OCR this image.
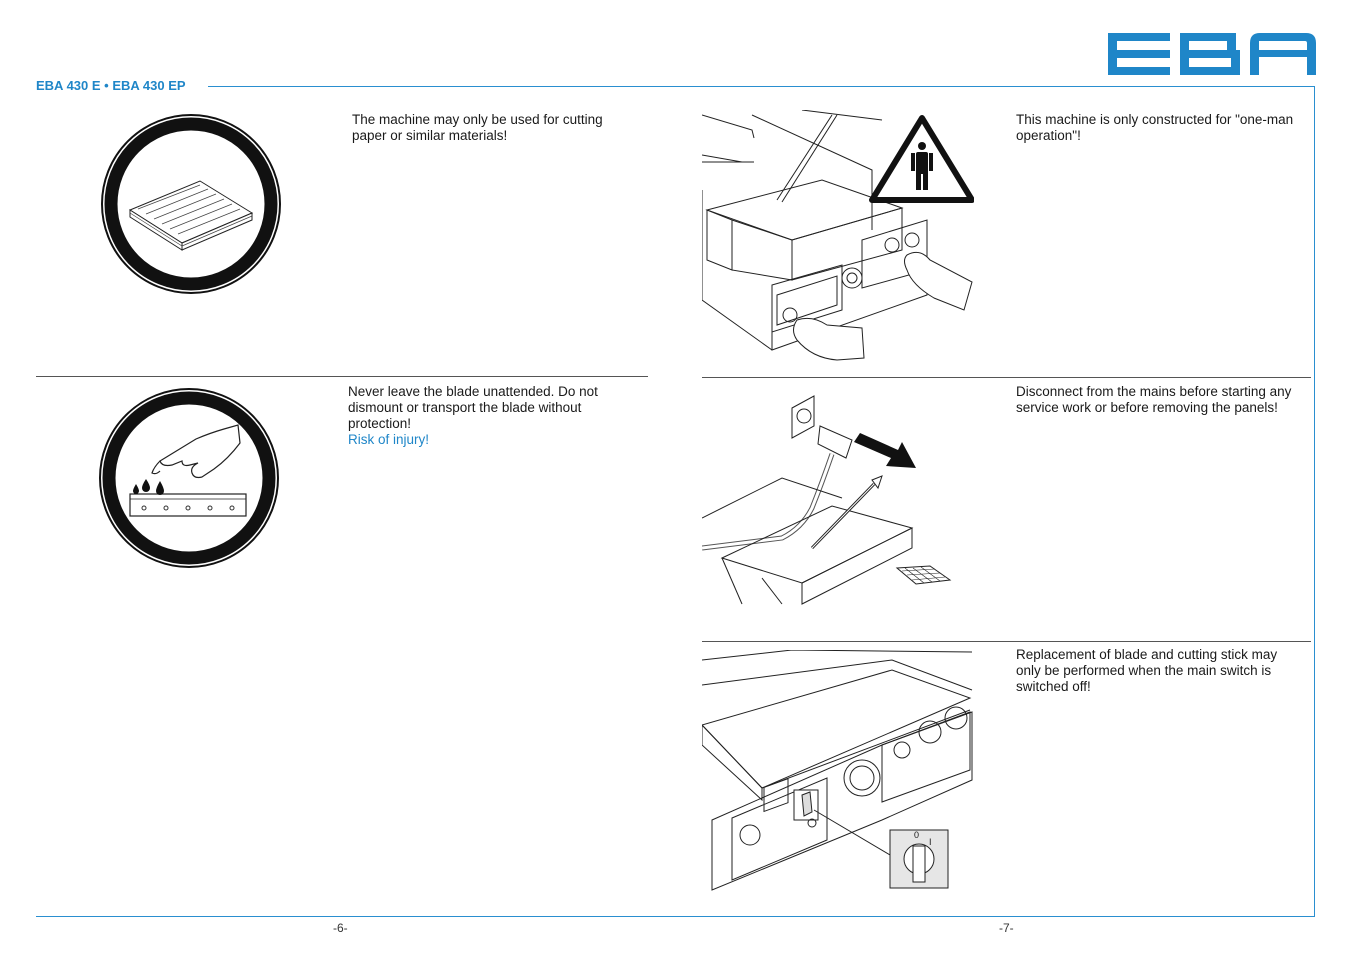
EBA 430 E • EBA 430 EP

The machine may only be used for cutting

paper or similar materials!

Never leave the blade unattended. Do not

dismount or transport the blade without

protection!

Risk of injury!

-6-

This machine is only constructed for "one-man

operation"!

Disconnect from the mains before starting any

service work or before removing the panels!

0
I

Replacement of blade and cutting stick may

only be performed when the main switch is

switched off!

-7-
